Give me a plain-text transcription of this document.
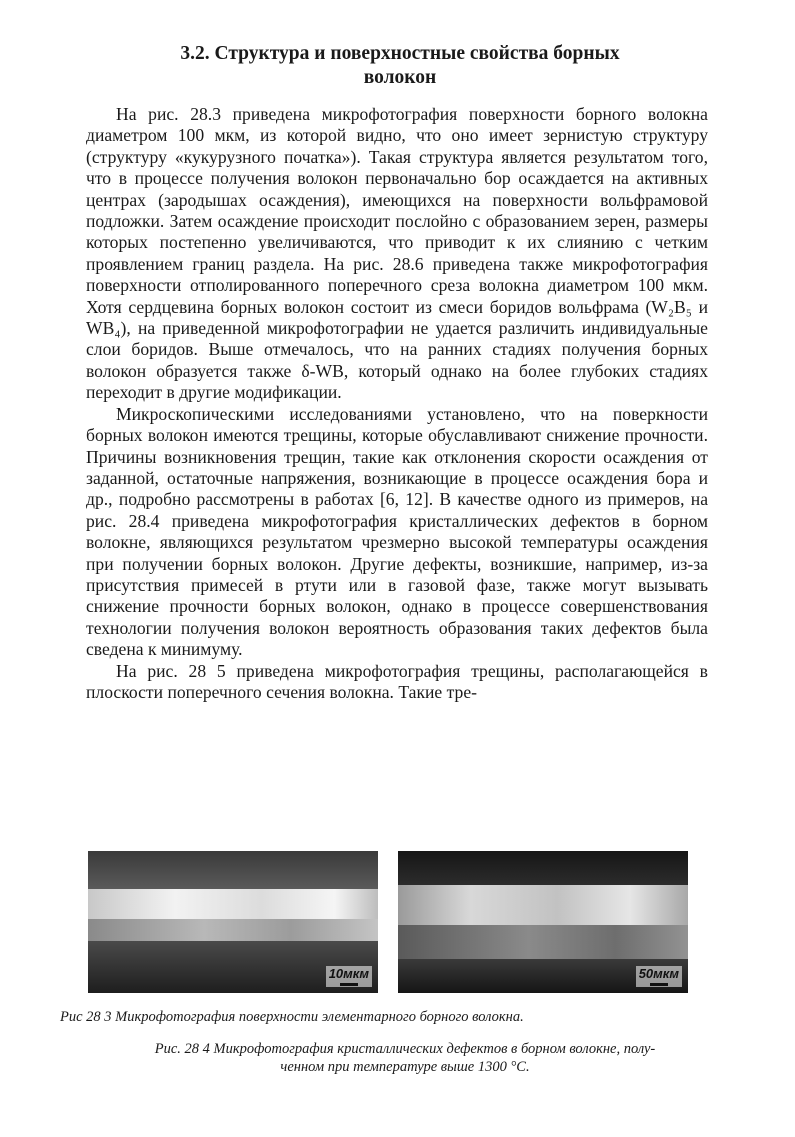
3.2. Структура и поверхностные свойства борных
волокон

На рис. 28.3 приведена микрофотография поверхности борного волокна диаметром 100 мкм, из которой видно, что оно имеет зернистую структуру (структуру «кукурузного початка»). Такая структура является результатом того, что в процессе получения волокон первоначально бор осаждается на активных центрах (зародышах осаждения), имеющихся на поверхности вольфрамовой подложки. Затем осаждение происходит послойно с образованием зерен, размеры которых постепенно увеличиваются, что приводит к их слиянию с четким проявлением границ раздела. На рис. 28.6 приведена также микрофотография поверхности отполированного поперечного среза волокна диаметром 100 мкм. Хотя сердцевина борных волокон состоит из смеси боридов вольфрама (W₂B₅ и WB₄), на приведенной микрофотографии не удается различить индивидуальные слои боридов. Выше отмечалось, что на ранних стадиях получения борных волокон образуется также δ-WB, который однако на более глубоких стадиях переходит в другие модификации.

Микроскопическими исследованиями установлено, что на поверкности борных волокон имеются трещины, которые обуславливают снижение прочности. Причины возникновения трещин, такие как отклонения скорости осаждения от заданной, остаточные напряжения, возникающие в процессе осаждения бора и др., подробно рассмотрены в работах [6, 12]. В качестве одного из примеров, на рис. 28.4 приведена микрофотография кристаллических дефектов в борном волокне, являющихся результатом чрезмерно высокой температуры осаждения при получении борных волокон. Другие дефекты, возникшие, например, из-за присутствия примесей в ртути или в газовой фазе, также могут вызывать снижение прочности борных волокон, однако в процессе совершенствования технологии получения волокон вероятность образования таких дефектов была сведена к минимуму.

На рис. 28 5 приведена микрофотография трещины, располагающейся в плоскости поперечного сечения волокна. Такие тре-

10мкм	50мкм

Рис 28 3 Микрофотография поверхности элементарного борного волокна.

Рис. 28 4 Микрофотография кристаллических дефектов в борном волокне, полу-
ченном при температуре выше 1300 °С.
